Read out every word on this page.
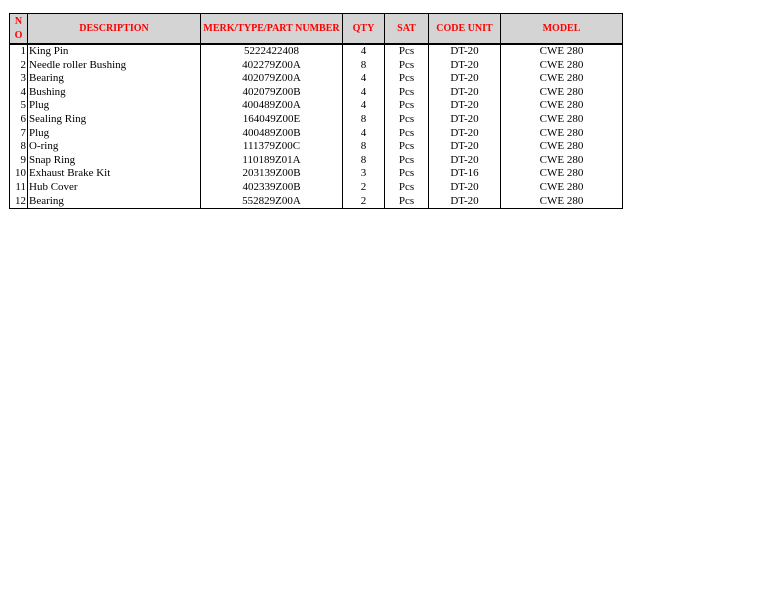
N
O	DESCRIPTION	MERK/TYPE/PART NUMBER	QTY	SAT	CODE UNIT	MODEL
1	King Pin	5222422408	4	Pcs	DT-20	CWE 280
2	Needle roller Bushing	402279Z00A	8	Pcs	DT-20	CWE 280
3	Bearing	402079Z00A	4	Pcs	DT-20	CWE 280
4	Bushing	402079Z00B	4	Pcs	DT-20	CWE 280
5	Plug	400489Z00A	4	Pcs	DT-20	CWE 280
6	Sealing Ring	164049Z00E	8	Pcs	DT-20	CWE 280
7	Plug	400489Z00B	4	Pcs	DT-20	CWE 280
8	O-ring	111379Z00C	8	Pcs	DT-20	CWE 280
9	Snap Ring	110189Z01A	8	Pcs	DT-20	CWE 280
10	Exhaust Brake Kit	203139Z00B	3	Pcs	DT-16	CWE 280
11	Hub Cover	402339Z00B	2	Pcs	DT-20	CWE 280
12	Bearing	552829Z00A	2	Pcs	DT-20	CWE 280
